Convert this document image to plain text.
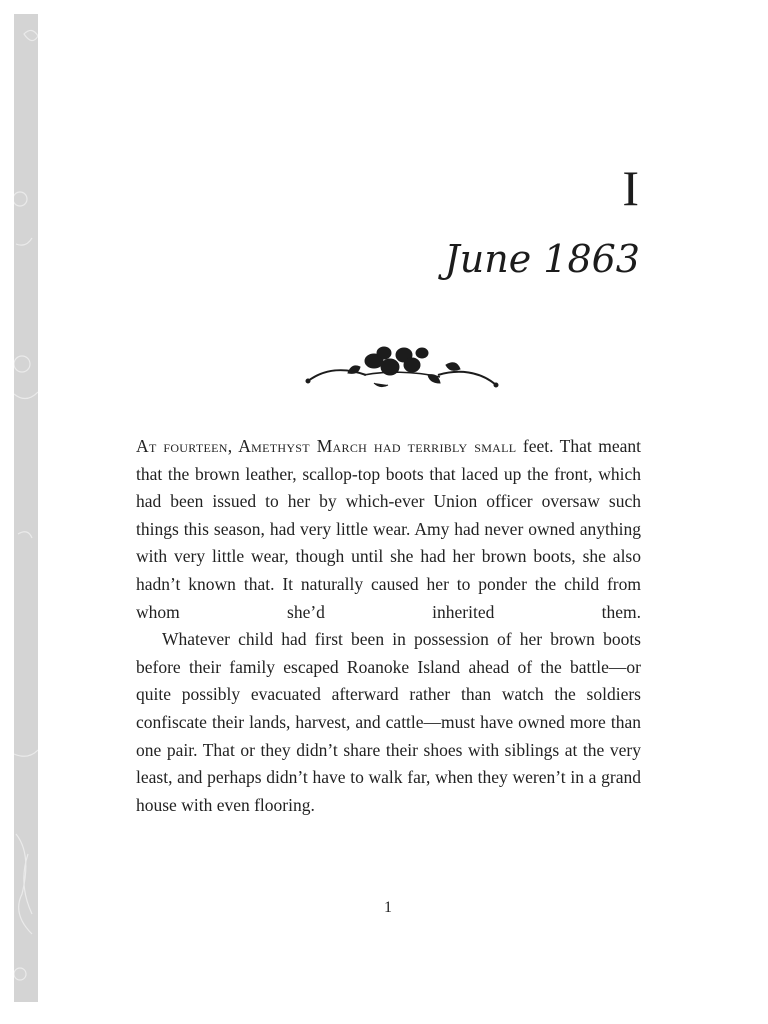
I
June 1863

At fourteen, Amethyst March had terribly small feet. That meant that the brown leather, scallop-top boots that laced up the front, which had been issued to her by which-ever Union officer oversaw such things this season, had very little wear. Amy had never owned anything with very little wear, though until she had her brown boots, she also hadn’t known that. It naturally caused her to ponder the child from whom she’d inherited them.

Whatever child had first been in possession of her brown boots before their family escaped Roanoke Island ahead of the battle—or quite possibly evacuated afterward rather than watch the soldiers confiscate their lands, harvest, and cattle—must have owned more than one pair. That or they didn’t share their shoes with siblings at the very least, and perhaps didn’t have to walk far, when they weren’t in a grand house with even flooring.

1
